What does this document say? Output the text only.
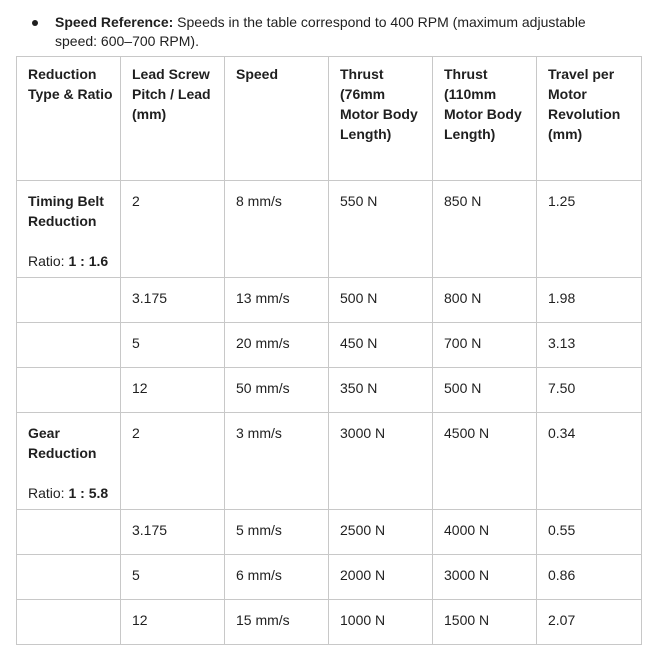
Speed Reference: Speeds in the table correspond to 400 RPM (maximum adjustable speed: 600–700 RPM).
Reduction Type & Ratio	Lead Screw Pitch / Lead (mm)	Speed	Thrust (76mm Motor Body Length)	Thrust (110mm Motor Body Length)	Travel per Motor Revolution (mm)

Timing Belt Reduction
Ratio: 1 : 1.6	2	8 mm/s	550 N	850 N	1.25
	3.175	13 mm/s	500 N	800 N	1.98
	5	20 mm/s	450 N	700 N	3.13
	12	50 mm/s	350 N	500 N	7.50

Gear Reduction
Ratio: 1 : 5.8	2	3 mm/s	3000 N	4500 N	0.34
	3.175	5 mm/s	2500 N	4000 N	0.55
	5	6 mm/s	2000 N	3000 N	0.86
	12	15 mm/s	1000 N	1500 N	2.07
